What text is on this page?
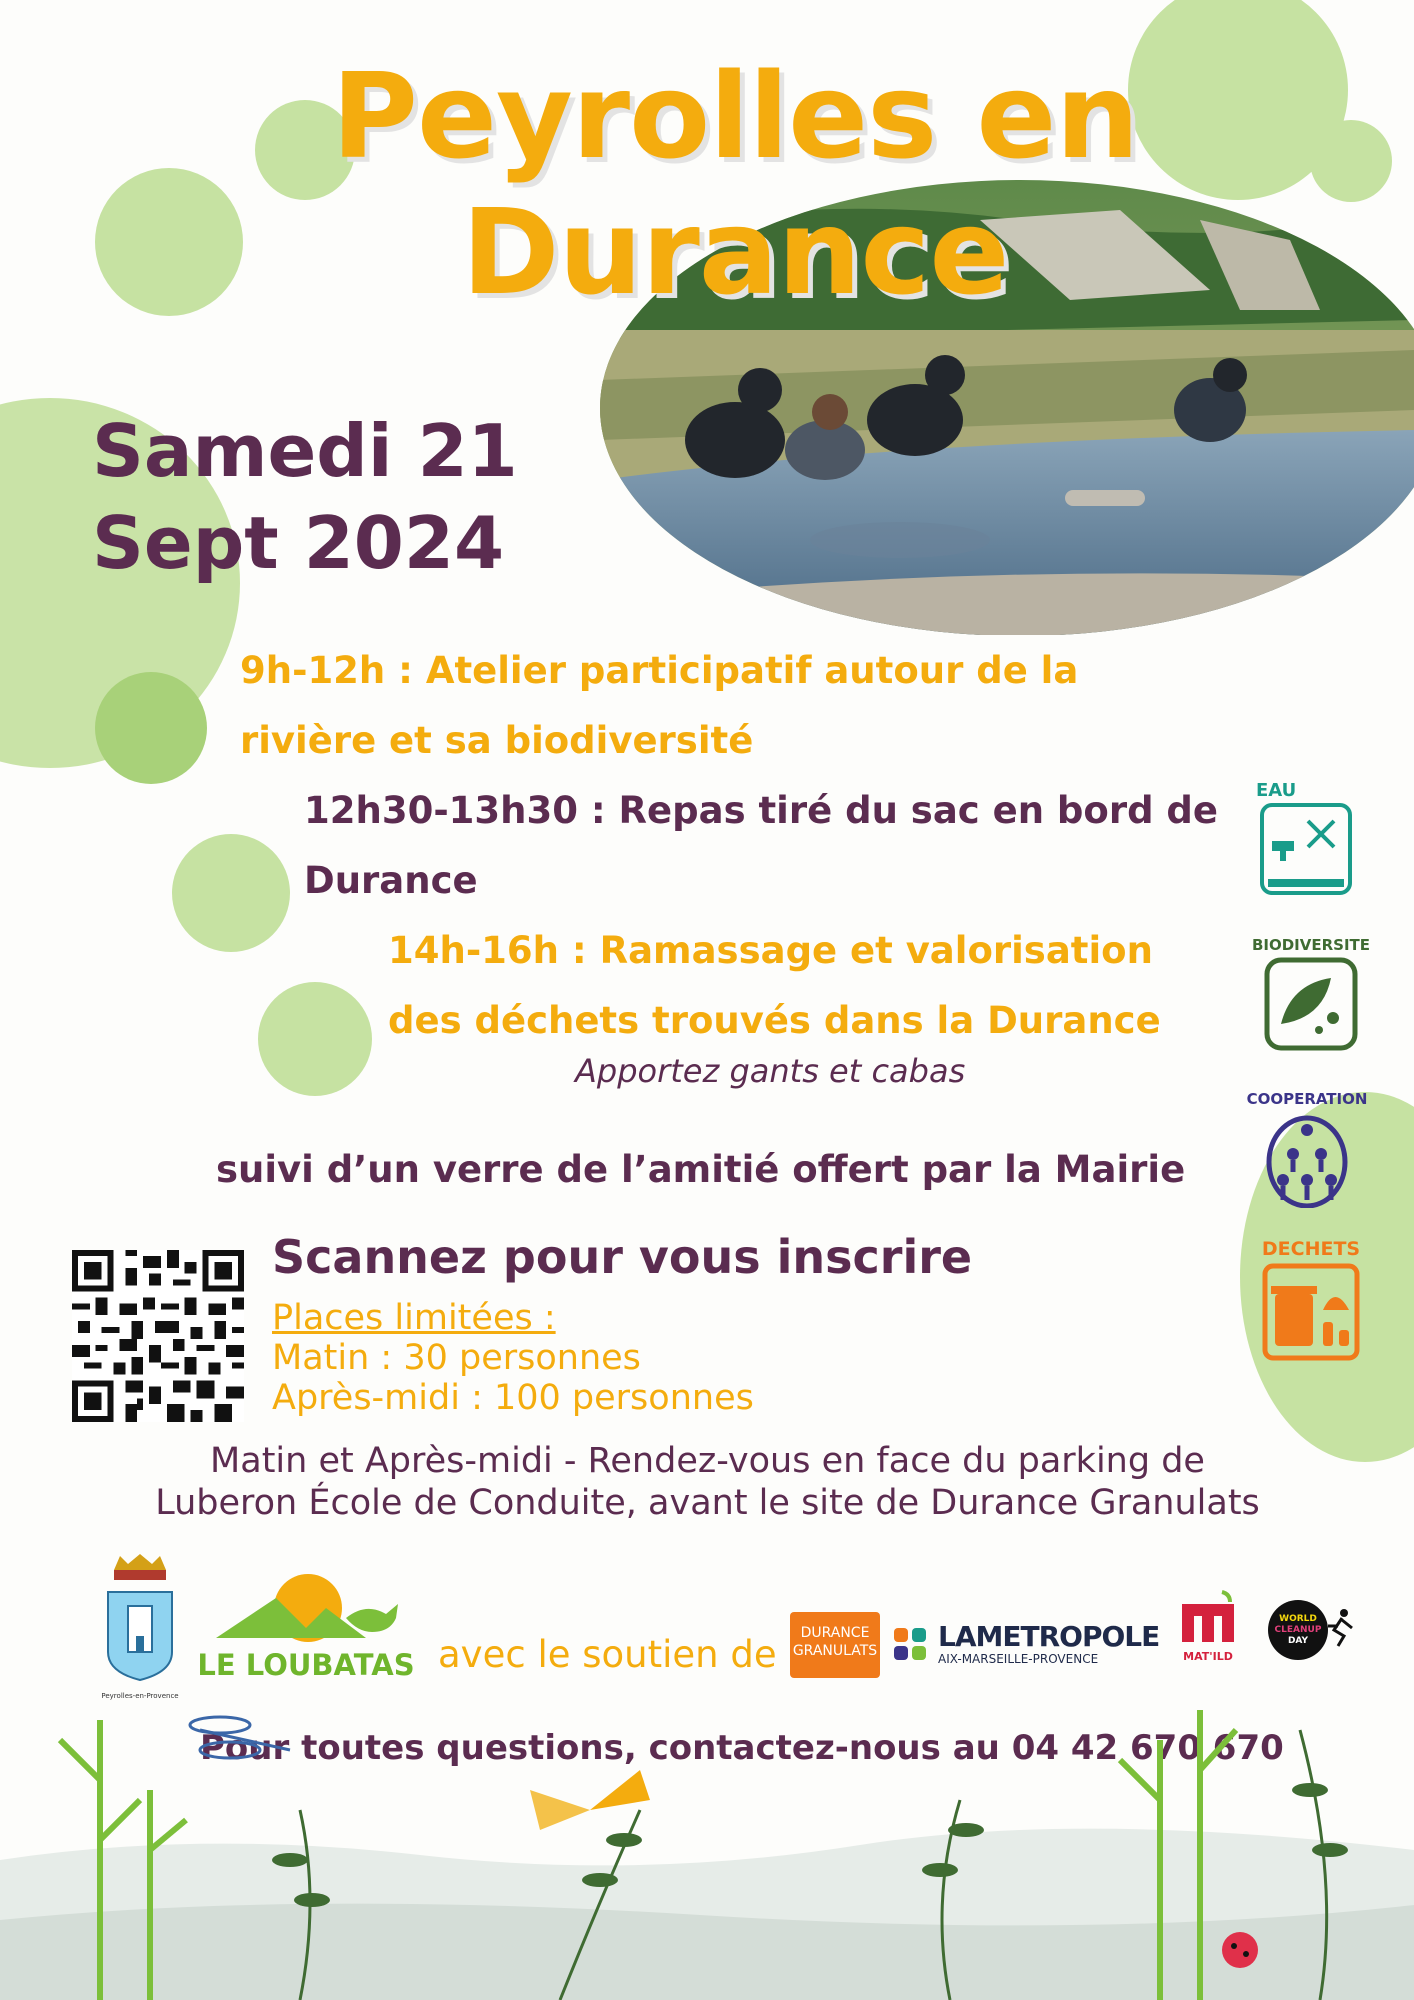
Peyrolles en
Durance
Samedi 21
Sept 2024
9h-12h : Atelier participatif autour de la
rivière et sa biodiversité
12h30-13h30 : Repas tiré du sac en bord de
Durance
14h-16h : Ramassage et valorisation
des déchets trouvés dans la Durance
Apportez gants et cabas
suivi d’un verre de l’amitié offert par la Mairie
EAU
BIODIVERSITE
COOPERATION
DECHETS
Scannez pour vous inscrire
Places limitées :
Matin : 30 personnes
Après-midi : 100 personnes
Matin et Après-midi - Rendez-vous en face du parking de
Luberon École de Conduite, avant le site de Durance Granulats
Peyrolles-en-Provence
LE LOUBATAS avec le soutien de	DURANCE
GRANULATS LAMETROPOLE
AIX-MARSEILLE-PROVENCE	MAT'ILD
WORLD
CLEANUP
DAY
Pour toutes questions, contactez-nous au 04 42 670 670
